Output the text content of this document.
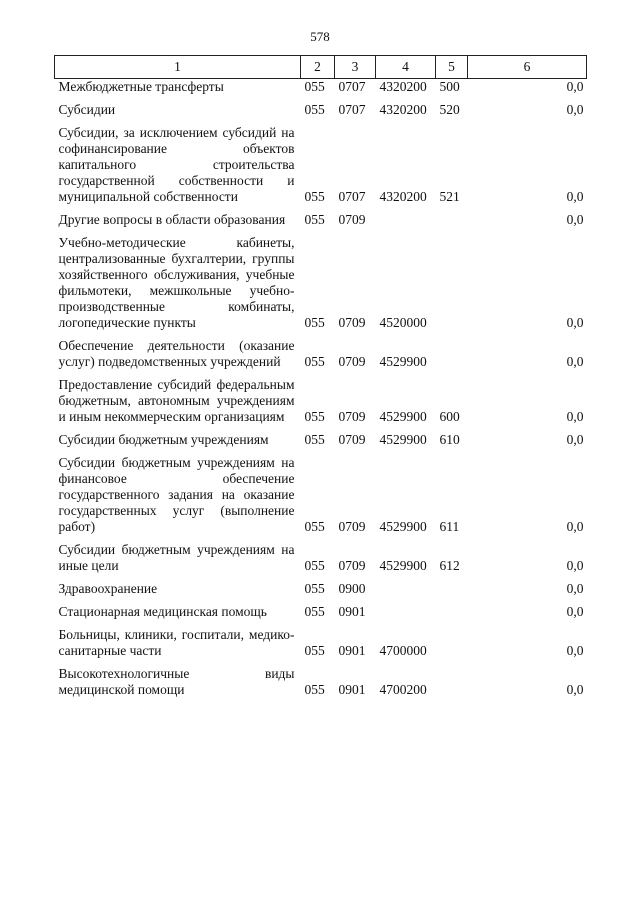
578
1	2	3	4	5	6
Межбюджетные трансферты	055	0707	4320200	500	0,0

Субсидии	055	0707	4320200	520	0,0

Субсидии, за исключением субсидий на софинансирование объектов капитального строительства государственной собственности и муниципальной собственности	055	0707	4320200	521	0,0

Другие вопросы в области образования	055	0709			0,0

Учебно-методические кабинеты, централизованные бухгалтерии, группы хозяйственного обслуживания, учебные фильмотеки, межшкольные учебно-производственные комбинаты, логопедические пункты	055	0709	4520000		0,0

Обеспечение деятельности (оказание услуг) подведомственных учреждений	055	0709	4529900		0,0

Предоставление субсидий федеральным бюджетным, автономным учреждениям и иным некоммерческим организациям	055	0709	4529900	600	0,0

Субсидии бюджетным учреждениям	055	0709	4529900	610	0,0

Субсидии бюджетным учреждениям на финансовое обеспечение государственного задания на оказание государственных услуг (выполнение работ)	055	0709	4529900	611	0,0

Субсидии бюджетным учреждениям на иные цели	055	0709	4529900	612	0,0

Здравоохранение	055	0900			0,0

Стационарная медицинская помощь	055	0901			0,0

Больницы, клиники, госпитали, медико-санитарные части	055	0901	4700000		0,0

Высокотехнологичные виды медицинской помощи	055	0901	4700200		0,0
